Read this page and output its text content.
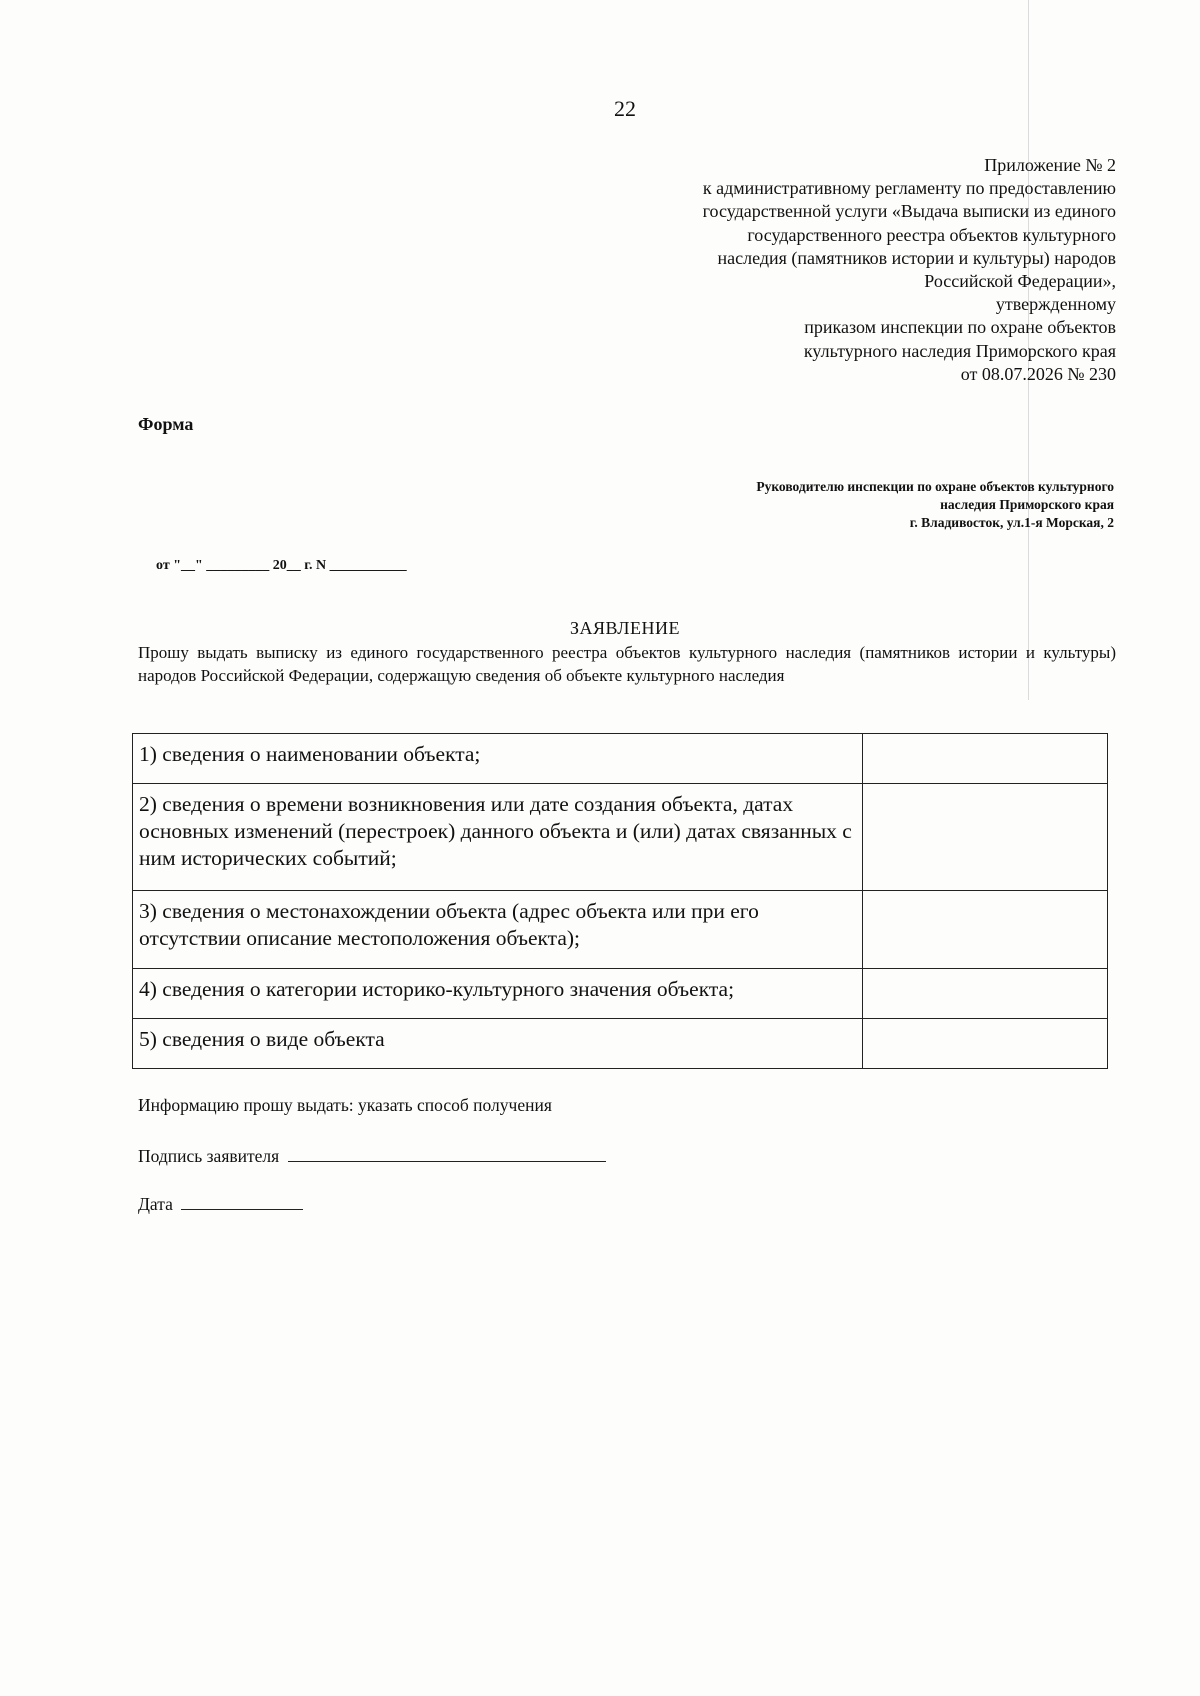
22
Приложение № 2
к административному регламенту по предоставлению
государственной услуги «Выдача выписки из единого
государственного реестра объектов культурного
наследия (памятников истории и культуры) народов
Российской Федерации»,
утвержденному
приказом инспекции по охране объектов
культурного наследия Приморского края
от 08.07.2026 № 230
Форма
Руководителю инспекции по охране объектов культурного
наследия Приморского края
г. Владивосток, ул.1-я Морская, 2
от "__" _________ 20__ г. N ___________
ЗАЯВЛЕНИЕ
Прошу выдать выписку из единого государственного реестра объектов культурного наследия (памятников истории и культуры) народов Российской Федерации, содержащую сведения об объекте культурного наследия
1) сведения о наименовании объекта;	
2) сведения о времени возникновения или дате создания объекта, датах основных изменений (перестроек) данного объекта и (или) датах связанных с ним исторических событий;	
3) сведения о местонахождении объекта (адрес объекта или при его отсутствии описание местоположения объекта);	
4) сведения о категории историко-культурного значения объекта;	
5) сведения о виде объекта	
Информацию прошу выдать: указать способ получения
Подпись заявителя
Дата
